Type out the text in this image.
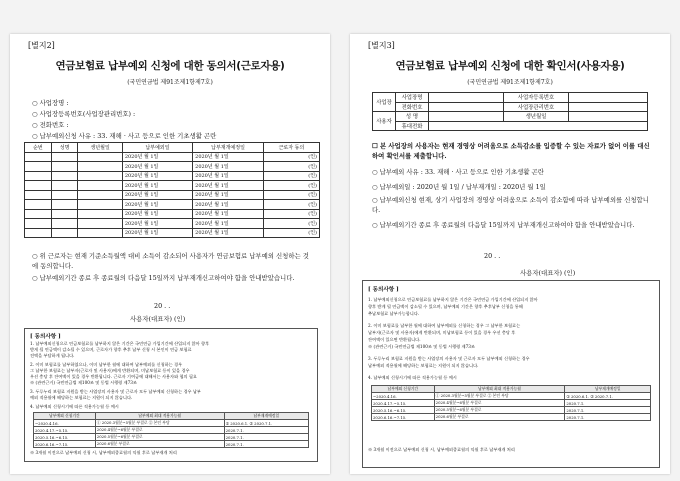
[별지2]
연금보험료 납부예외 신청에 대한 동의서(근로자용)
(국민연금법 제91조제1항제7호)
○ 사업장명 :
○ 사업장등록번호(사업장관리번호) :
○ 전화번호 :
○ 납부예외신청 사유 : 33. 재해 · 사고 등으로 인한 기초생활 곤란
순번	성명	생년월일	납부예외일	납부재개예정일	근로자 동의
			2020년 월 1일	2020년 월 1일	(인)
			2020년 월 1일	2020년 월 1일	(인)
			2020년 월 1일	2020년 월 1일	(인)
			2020년 월 1일	2020년 월 1일	(인)
			2020년 월 1일	2020년 월 1일	(인)
			2020년 월 1일	2020년 월 1일	(인)
			2020년 월 1일	2020년 월 1일	(인)
			2020년 월 1일	2020년 월 1일	(인)
			2020년 월 1일	2020년 월 1일	(인)
○ 위 근로자는 현재 기준소득월액 대비 소득이 감소되어 사용자가 연금보험료 납부예외 신청하는 것에 동의합니다.
○ 납부예외기간 종료 후 종료월의 다음달 15일까지 납부재개신고하여야 함을 안내받았습니다.
20 . .
사용자(대표자) (인)
[ 동의사항 ]
1. 납부예외신청으로 연금보험료를 납부하지 않은 기간은 국민연금 가입기간에 산입되지 않아 향후
받게 될 연금액이 감소될 수 있으며, 근로자가 향후 추후 납부 신청 시 본인이 연금 보험료
전액을 부담하게 됩니다.
2. 이미 보험료를 납부하였으나, 이미 납부한 월에 대하여 납부예외를 신청하는 경우
그 납부한 보험료는 납부자(근로자 및 사용자)에게 반환되며, 미납보험료 등이 있을 경우
우선 충당 후 잔여액이 있을 경우 반환됩니다. 근로자 기여금에 대해서는 사용자와 협의 필요
※ (관련근거) 국민연금법 제100조 및 동법 시행령 제73조
3. 두루누리 보험료 지원을 받는 사업장의 사용자 및 근로자 모두 납부예외 신청하는 경우 납부
예외 적용월에 해당하는 보험료는 지원이 되지 않습니다.
4. 납부예외 신청시기에 따른 적용가능월 등 예시
납부예외 신청기간	납부예외 최대 적용가능월	납부재개예정일
~2020.4.16.	① 2020.3월분~5월분 부결로 ② 본인 부담	① 2020.6.1. ② 2020.7.1.
2020.4.17.~5.15.	2020.4월분~6월분 부결로	2020.7.1.
2020.5.16.~6.15.	2020.5월분~6월분 부결로	2020.7.1.
2020.6.16.~7.15.	2020.6월분 부결로	2020.7.1.
※ 3개월 이전으로 납부예외 신청 시, 납부예외종료월의 익월 후로 납부재개 처리
[별지3]
연금보험료 납부예외 신청에 대한 확인서(사용자용)
(국민연금법 제91조제1항제7호)
사업장	사업장명		사업자등록번호	
	전화번호		사업장관리번호	
사용자	성 명		생년월일	
	휴대전화			
☐ 본 사업장의 사용자는 현재 경영상 어려움으로 소득감소를 입증할 수 있는 자료가 없어 이를 대신하여 확인서를 제출합니다.
○ 납부예외 사유 : 33. 재해 · 사고 등으로 인한 기초생활 곤란
○ 납부예외일 : 2020년 월 1일 / 납부재개일 : 2020년 월 1일
○ 납부예외신청 현재, 상기 사업장의 경영상 어려움으로 소득이 감소함에 따라 납부예외를 신청합니다.
○ 납부예외기간 종료 후 종료월의 다음달 15일까지 납부재개신고하여야 함을 안내받았습니다.
20 . .
사용자(대표자) (인)
[ 동의사항 ]
1. 납부예외신청으로 연금보험료를 납부하지 않은 기간은 국민연금 가입기간에 산입되지 않아
향후 받게 될 연금액이 감소될 수 있으며, 납부예외 기간은 향후 추후납부 신청을 통해
추납보험료 납부가능합니다.
2. 이미 보험료를 납부한 월에 대하여 납부예외를 신청하는 경우 그 납부한 보험료는
납부자(근로자 및 사용자)에게 반환되며, 미납보험료 등이 있을 경우 우선 충당 후
잔여액이 있으면 반환됩니다.
※ (관련근거) 국민연금법 제100조 및 동법 시행령 제73조
3. 두루누리 보험료 지원을 받는 사업장의 사용자 및 근로자 모두 납부예외 신청하는 경우
납부예외 적용월에 해당하는 보험료는 지원이 되지 않습니다.
4. 납부예외 신청시기에 따른 적용가능월 등 예시
납부예외 신청기간	납부예외 최대 적용가능월	납부재개예정일
~2020.4.16.	① 2020.3월분~5월분 부결로 ② 본인 부담	① 2020.6.1. ② 2020.7.1.
2020.4.17.~5.15.	2020.4월분~6월분 부결로	2020.7.1.
2020.5.16.~6.15.	2020.5월분~6월분 부결로	2020.7.1.
2020.6.16.~7.15.	2020.6월분 부결로	2020.7.1.
※ 3개월 이전으로 납부예외 신청 시, 납부예외종료월의 익월 후로 납부재개 처리
